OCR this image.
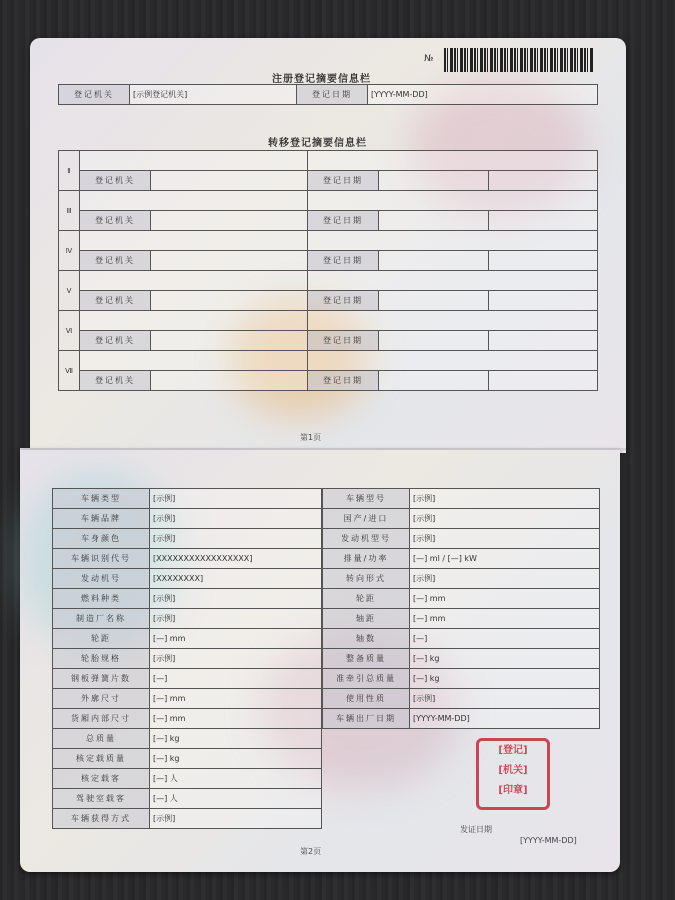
№
注册登记摘要信息栏
登记机关	[示例登记机关]	登记日期	[YYYY-MM-DD]
转移登记摘要信息栏
Ⅱ					
	登记机关		登记日期		
Ⅲ					
	登记机关		登记日期		
Ⅳ					
	登记机关		登记日期		
Ⅴ					
	登记机关		登记日期		
Ⅵ					
	登记机关		登记日期		
Ⅶ					
	登记机关		登记日期		
第1页
车辆类型	[示例]
车辆品牌	[示例]
车身颜色	[示例]
车辆识别代号	[XXXXXXXXXXXXXXXXX]
发动机号	[XXXXXXXX]
燃料种类	[示例]
制造厂名称	[示例]
轮距	[—] mm
轮胎规格	[示例]
钢板弹簧片数	[—]
外廓尺寸	[—] mm
货厢内部尺寸	[—] mm
总质量	[—] kg
核定载质量	[—] kg
核定载客	[—] 人
驾驶室载客	[—] 人
车辆获得方式	[示例]
车辆型号	[示例]
国产/进口	[示例]
发动机型号	[示例]
排量/功率	[—] ml / [—] kW
转向形式	[示例]
轮距	[—] mm
轴距	[—] mm
轴数	[—]
整备质量	[—] kg
准牵引总质量	[—] kg
使用性质	[示例]
车辆出厂日期	[YYYY-MM-DD]
[登记]
[机关]
[印章]
发证日期
[YYYY-MM-DD]
第2页
